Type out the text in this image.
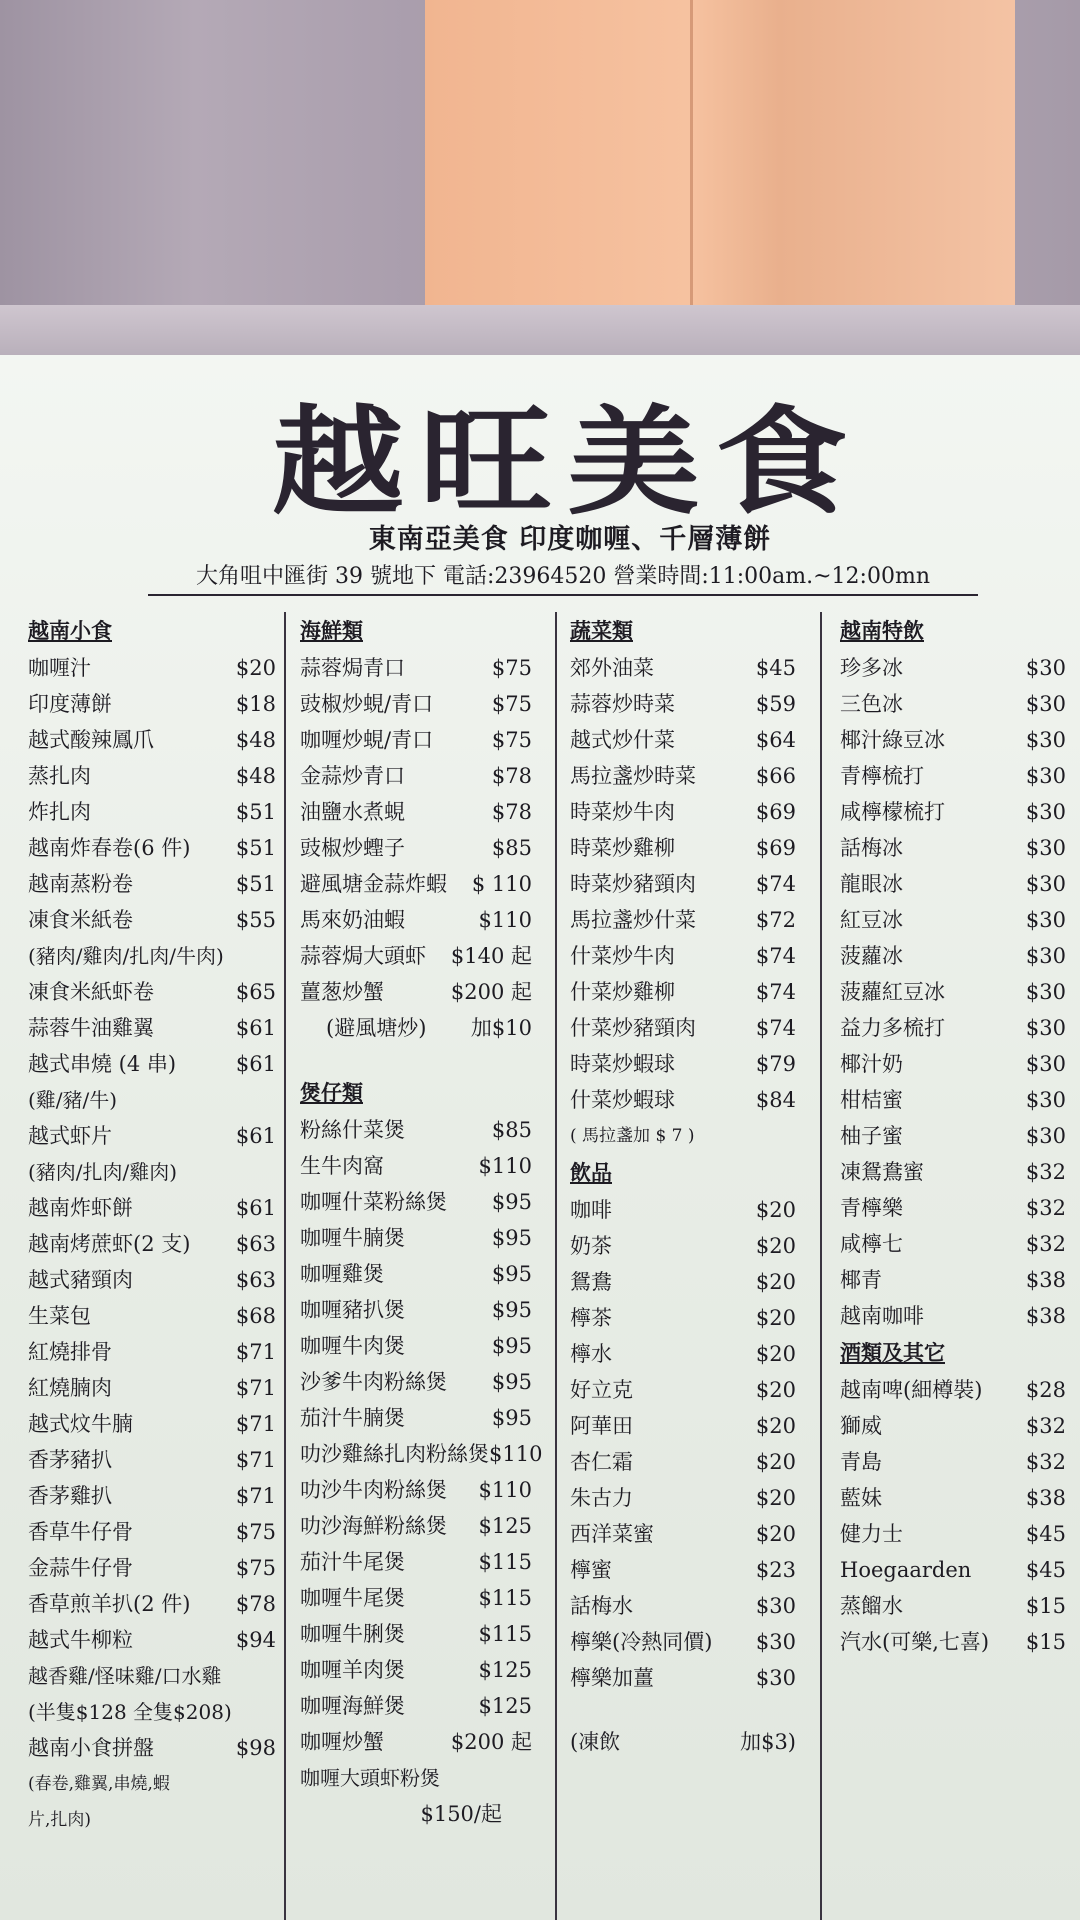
越旺美食
東南亞美食 印度咖喱、千層薄餅
大角咀中匯街 39 號地下 電話:23964520 營業時間:11:00am.~12:00mn
越南小食
咖喱汁	$20
印度薄餅	$18
越式酸辣鳳爪	$48
蒸扎肉	$48
炸扎肉	$51
越南炸春卷(6 件) $51
越南蒸粉卷	$51
凍食米紙卷	$55
(豬肉/雞肉/扎肉/牛肉)
凍食米紙虾卷	$65
蒜蓉牛油雞翼	$61
越式串燒 (4 串)	$61
(雞/豬/牛)
越式虾片	$61
(豬肉/扎肉/雞肉)
越南炸虾餅	$61
越南烤蔗虾(2 支) $63
越式豬頸肉	$63
生菜包	$68
紅燒排骨	$71
紅燒腩肉	$71
越式炆牛腩	$71
香茅豬扒	$71
香茅雞扒	$71
香草牛仔骨	$75
金蒜牛仔骨	$75
香草煎羊扒(2 件) $78
越式牛柳粒	$94
越香雞/怪味雞/口水雞
(半隻$128 全隻$208)
越南小食拼盤	$98
(春卷,雞翼,串燒,蝦
片,扎肉)
海鮮類
蒜蓉焗青口	$75
豉椒炒蜆/青口	$75
咖喱炒蜆/青口	$75
金蒜炒青口	$78
油鹽水煮蜆	$78
豉椒炒蟶子	$85
避風塘金蒜炸蝦 $ 110
馬來奶油蝦	$110
蒜蓉焗大頭虾 $140 起
薑葱炒蟹	$200 起
(避風塘炒) 加$10
煲仔類
粉絲什菜煲	$85
生牛肉窩	$110
咖喱什菜粉絲煲 $95
咖喱牛腩煲	$95
咖喱雞煲	$95
咖喱豬扒煲	$95
咖喱牛肉煲	$95
沙爹牛肉粉絲煲 $95
茄汁牛腩煲	$95
叻沙雞絲扎肉粉絲煲 $110
叻沙牛肉粉絲煲 $110
叻沙海鮮粉絲煲 $125
茄汁牛尾煲	$115
咖喱牛尾煲	$115
咖喱牛脷煲	$115
咖喱羊肉煲	$125
咖喱海鮮煲	$125
咖喱炒蟹	$200 起
咖喱大頭虾粉煲
$150/起
蔬菜類
郊外油菜	$45
蒜蓉炒時菜	$59
越式炒什菜	$64
馬拉盞炒時菜	$66
時菜炒牛肉	$69
時菜炒雞柳	$69
時菜炒豬頸肉	$74
馬拉盞炒什菜	$72
什菜炒牛肉	$74
什菜炒雞柳	$74
什菜炒豬頸肉	$74
時菜炒蝦球	$79
什菜炒蝦球	$84
( 馬拉盞加 $ 7 )
飲品
咖啡	$20
奶茶	$20
鴛鴦	$20
檸茶	$20
檸水	$20
好立克	$20
阿華田	$20
杏仁霜	$20
朱古力	$20
西洋菜蜜	$20
檸蜜	$23
話梅水	$30
檸樂(冷熱同價) $30
檸樂加薑	$30
(凍飲	加$3)
越南特飲
珍多冰	$30
三色冰	$30
椰汁綠豆冰	$30
青檸梳打	$30
咸檸檬梳打	$30
話梅冰	$30
龍眼冰	$30
紅豆冰	$30
菠蘿冰	$30
菠蘿紅豆冰	$30
益力多梳打	$30
椰汁奶	$30
柑桔蜜	$30
柚子蜜	$30
凍鴛鴦蜜	$32
青檸樂	$32
咸檸七	$32
椰青	$38
越南咖啡	$38
酒類及其它
越南啤(細樽裝) $28
獅威	$32
青島	$32
藍妹	$38
健力士	$45
Hoegaarden	$45
蒸餾水	$15
汽水(可樂,七喜) $15
